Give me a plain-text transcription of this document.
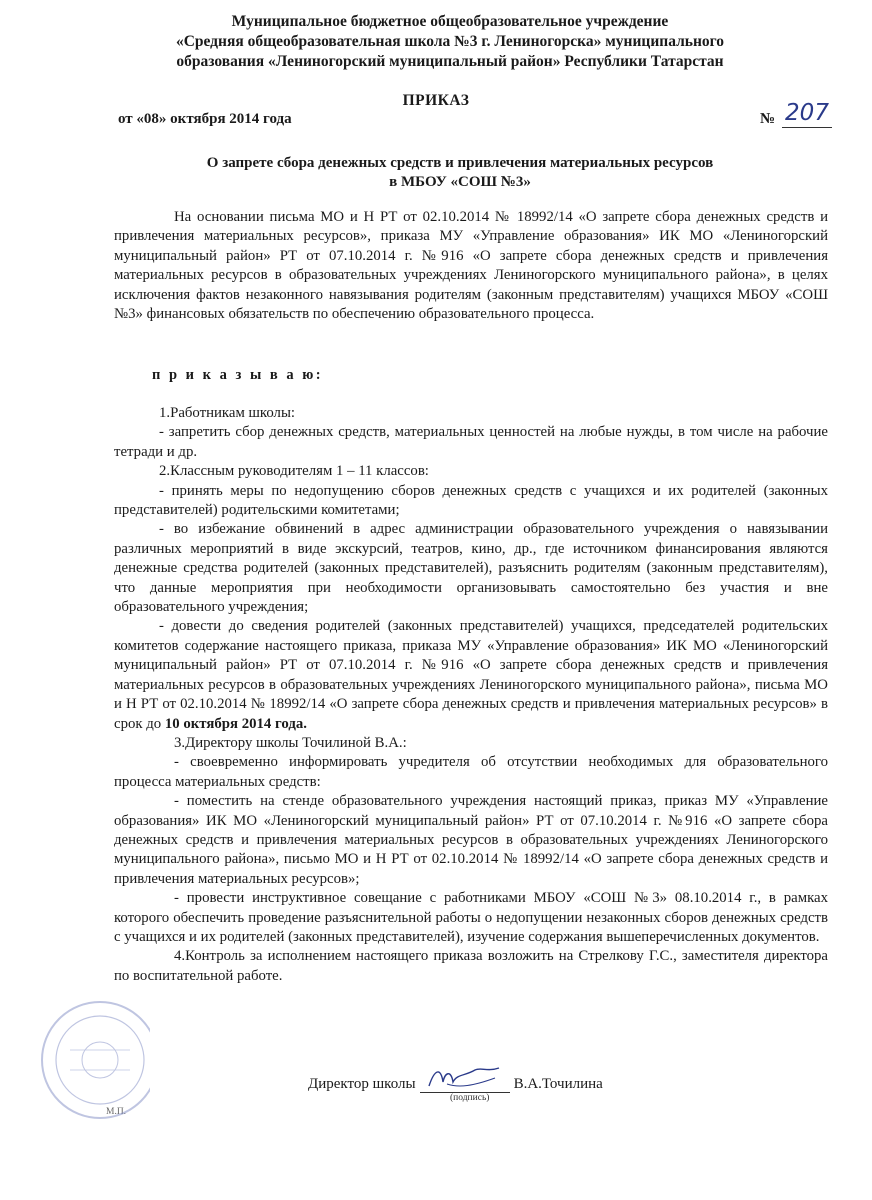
Муниципальное бюджетное общеобразовательное учреждение
«Средняя общеобразовательная школа №3 г. Лениногорска» муниципального
образования «Лениногорский муниципальный район» Республики Татарстан
ПРИКАЗ
от «08» октября 2014 года	№ 207
О запрете сбора денежных средств и привлечения материальных ресурсов
в МБОУ «СОШ №3»

На основании письма МО и Н РТ от 02.10.2014 № 18992/14 «О запрете сбора денежных средств и привлечения материальных ресурсов», приказа МУ «Управление образования» ИК МО «Лениногорский муниципальный район» РТ от 07.10.2014 г. №916 «О запрете сбора денежных средств и привлечения материальных ресурсов в образовательных учреждениях Лениногорского муниципального района», в целях исключения фактов незаконного навязывания родителям (законным представителям) учащихся МБОУ «СОШ №3» финансовых обязательств по обеспечению образовательного процесса.

п р и к а з ы в а ю:

1.Работникам школы:

- запретить сбор денежных средств, материальных ценностей на любые нужды, в том числе на рабочие тетради и др.

2.Классным руководителям 1 – 11 классов:

- принять меры по недопущению сборов денежных средств с учащихся и их родителей (законных представителей) родительскими комитетами;

- во избежание обвинений в адрес администрации образовательного учреждения о навязывании различных мероприятий в виде экскурсий, театров, кино, др., где источником финансирования являются денежные средства родителей (законных представителей), разъяснить родителям (законным представителям), что данные мероприятия при необходимости организовывать самостоятельно без участия и вне образовательного учреждения;

- довести до сведения родителей (законных представителей) учащихся, председателей родительских комитетов содержание настоящего приказа, приказа МУ «Управление образования» ИК МО «Лениногорский муниципальный район» РТ от 07.10.2014 г. №916 «О запрете сбора денежных средств и привлечения материальных ресурсов в образовательных учреждениях Лениногорского муниципального района», письма МО и Н РТ от 02.10.2014 № 18992/14 «О запрете сбора денежных средств и привлечения материальных ресурсов» в срок до 10 октября 2014 года.

3.Директору школы Точилиной В.А.:

- своевременно информировать учредителя об отсутствии необходимых для образовательного процесса материальных средств:

- поместить на стенде образовательного учреждения настоящий приказ, приказ МУ «Управление образования» ИК МО «Лениногорский муниципальный район» РТ от 07.10.2014 г. №916 «О запрете сбора денежных средств и привлечения материальных ресурсов в образовательных учреждениях Лениногорского муниципального района», письмо МО и Н РТ от 02.10.2014 № 18992/14 «О запрете сбора денежных средств и привлечения материальных ресурсов»;

- провести инструктивное совещание с работниками МБОУ «СОШ №3» 08.10.2014 г., в рамках которого обеспечить проведение разъяснительной работы о недопущении незаконных сборов денежных средств с учащихся и их родителей (законных представителей), изучение содержания вышеперечисленных документов.

4.Контроль за исполнением настоящего приказа возложить на Стрелкову Г.С., заместителя директора по воспитательной работе.

Директор школы	В.А.Точилина
(подпись)
М.П.
